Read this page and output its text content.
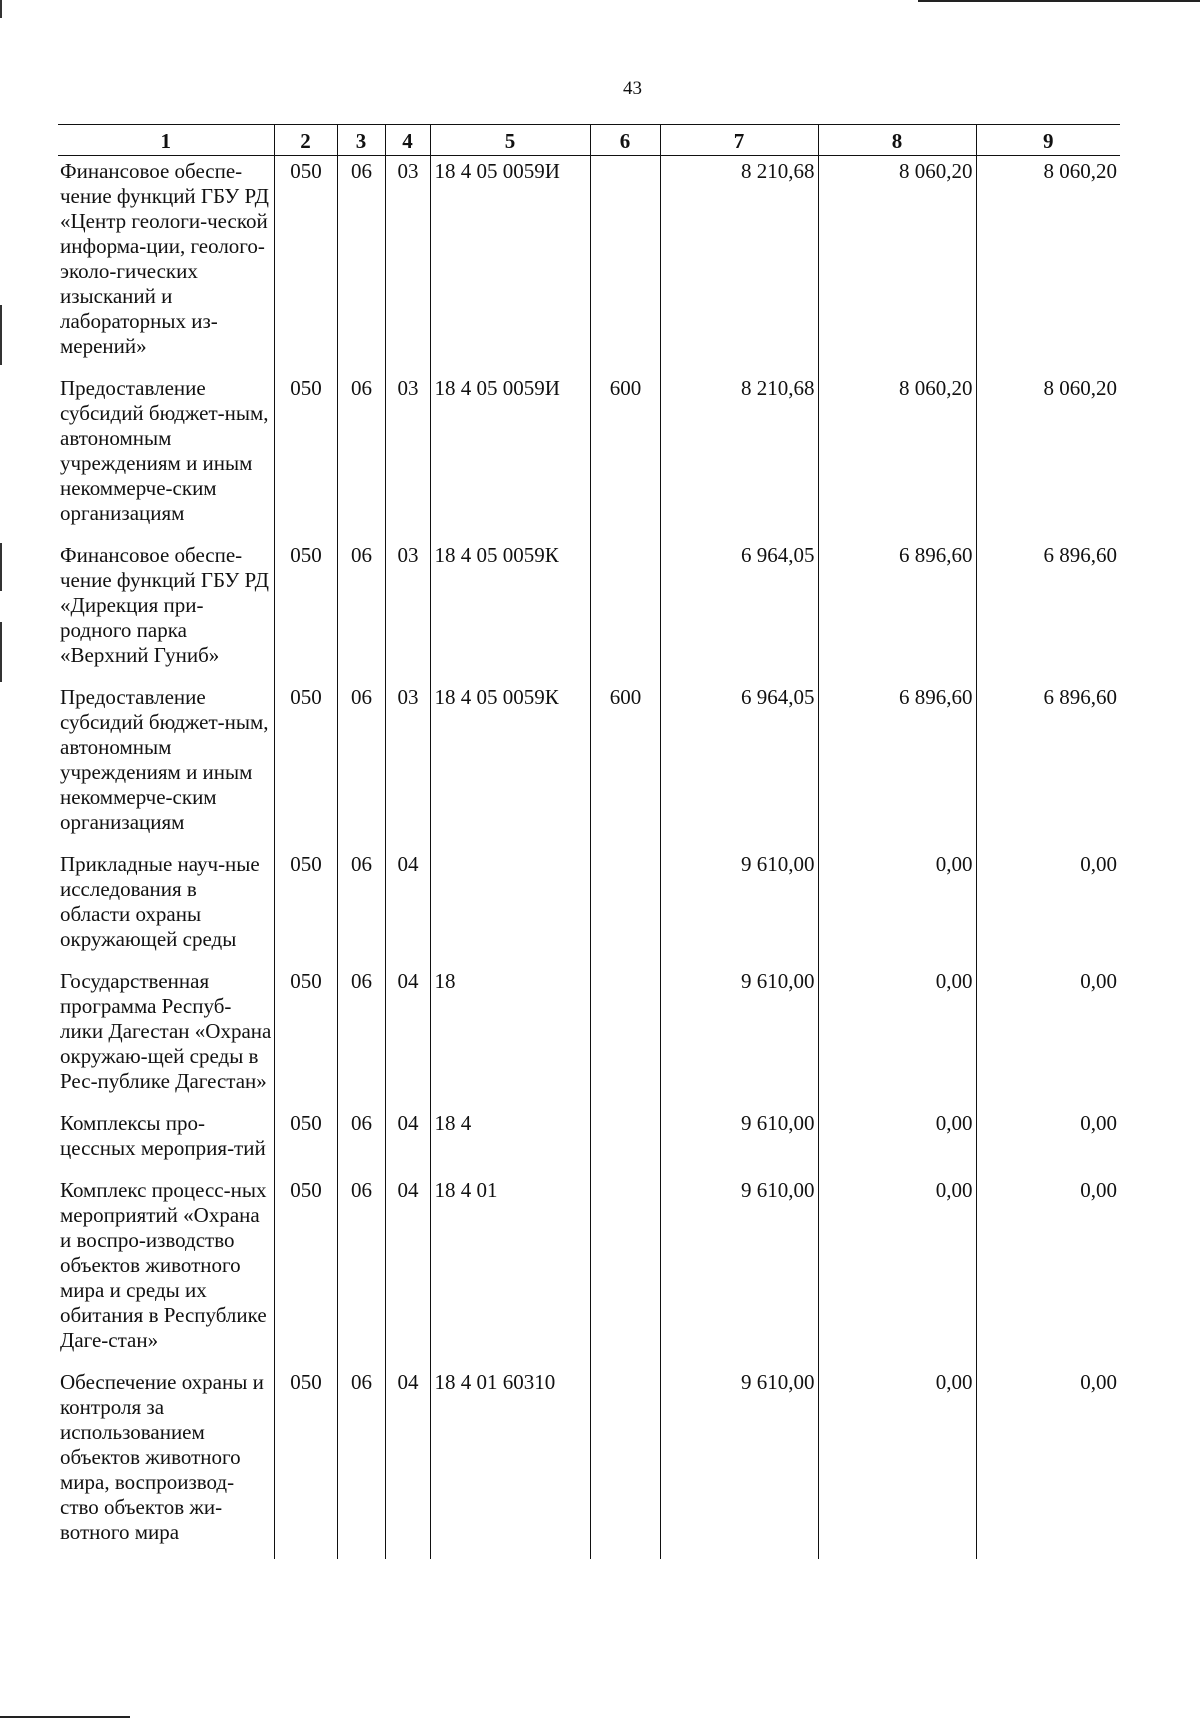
43
1	2	3	4	5	6	7	8	9
Финансовое обеспе-чение функций ГБУ РД «Центр геологи-ческой информа-ции, геолого-эколо-гических изысканий и лабораторных из-мерений»	050	06	03	18 4 05 0059И		8 210,68	8 060,20	8 060,20
Предоставление субсидий бюджет-ным, автономным учреждениям и иным некоммерче-ским организациям	050	06	03	18 4 05 0059И	600	8 210,68	8 060,20	8 060,20
Финансовое обеспе-чение функций ГБУ РД «Дирекция при-родного парка «Верхний Гуниб»	050	06	03	18 4 05 0059К		6 964,05	6 896,60	6 896,60
Предоставление субсидий бюджет-ным, автономным учреждениям и иным некоммерче-ским организациям	050	06	03	18 4 05 0059К	600	6 964,05	6 896,60	6 896,60
Прикладные науч-ные исследования в области охраны окружающей среды	050	06	04			9 610,00	0,00	0,00
Государственная программа Респуб-лики Дагестан «Охрана окружаю-щей среды в Рес-публике Дагестан»	050	06	04	18		9 610,00	0,00	0,00
Комплексы про-цессных мероприя-тий	050	06	04	18 4		9 610,00	0,00	0,00
Комплекс процесс-ных мероприятий «Охрана и воспро-изводство объектов животного мира и среды их обитания в Республике Даге-стан»	050	06	04	18 4 01		9 610,00	0,00	0,00
Обеспечение охраны и контроля за использованием объектов животного мира, воспроизвод-ство объектов жи-вотного мира	050	06	04	18 4 01 60310		9 610,00	0,00	0,00
